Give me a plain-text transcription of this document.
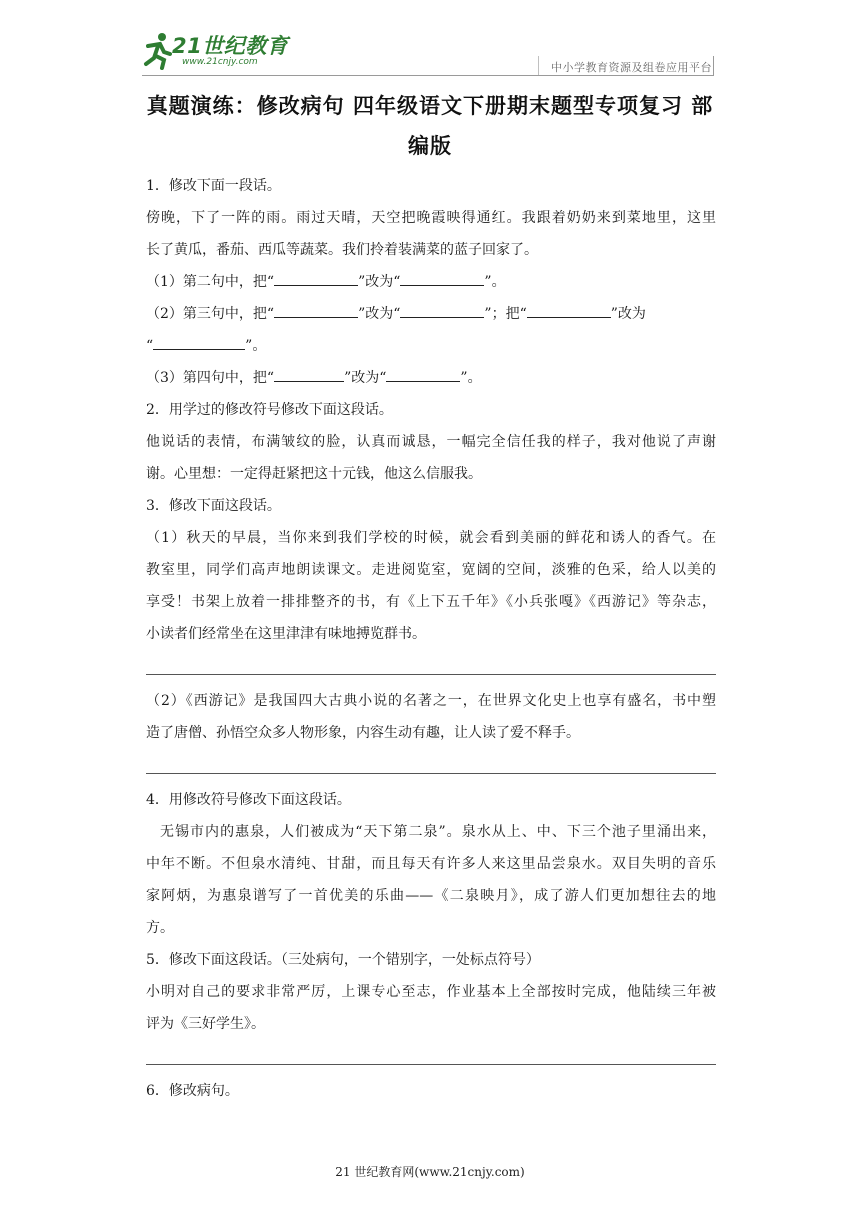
21世纪教育
www.21cnjy.com	中小学教育资源及组卷应用平台
真题演练：修改病句 四年级语文下册期末题型专项复习 部
编版
1．修改下面一段话。
傍晚，下了一阵的雨。雨过天晴，天空把晚霞映得通红。我跟着奶奶来到菜地里，这里
长了黄瓜，番茄、西瓜等蔬菜。我们拎着装满菜的蓝子回家了。
（1）第二句中，把“	”改为“	”。
（2）第三句中，把“	”改为“	”；把“	”改为
“	”。
（3）第四句中，把“	”改为“	”。
2．用学过的修改符号修改下面这段话。
他说话的表情，布满皱纹的脸，认真而诚恳，一幅完全信任我的样子，我对他说了声谢
谢。心里想：一定得赶紧把这十元钱，他这么信服我。
3．修改下面这段话。
（1）秋天的早晨，当你来到我们学校的时候，就会看到美丽的鲜花和诱人的香气。在
教室里，同学们高声地朗读课文。走进阅览室，宽阔的空间，淡雅的色采，给人以美的
享受！书架上放着一排排整齐的书，有《上下五千年》《小兵张嘎》《西游记》等杂志，
小读者们经常坐在这里津津有味地搏览群书。
（2）《西游记》是我国四大古典小说的名著之一，在世界文化史上也享有盛名，书中塑
造了唐僧、孙悟空众多人物形象，内容生动有趣，让人读了爱不释手。
4．用修改符号修改下面这段话。
无锡市内的惠泉，人们被成为“天下第二泉”。泉水从上、中、下三个池子里涌出来，
中年不断。不但泉水清纯、甘甜，而且每天有许多人来这里品尝泉水。双目失明的音乐
家阿炳，为惠泉谱写了一首优美的乐曲——《二泉映月》，成了游人们更加想往去的地
方。
5．修改下面这段话。（三处病句，一个错别字，一处标点符号）
小明对自己的要求非常严厉，上课专心至志，作业基本上全部按时完成，他陆续三年被
评为《三好学生》。
6．修改病句。
21 世纪教育网(www.21cnjy.com)
